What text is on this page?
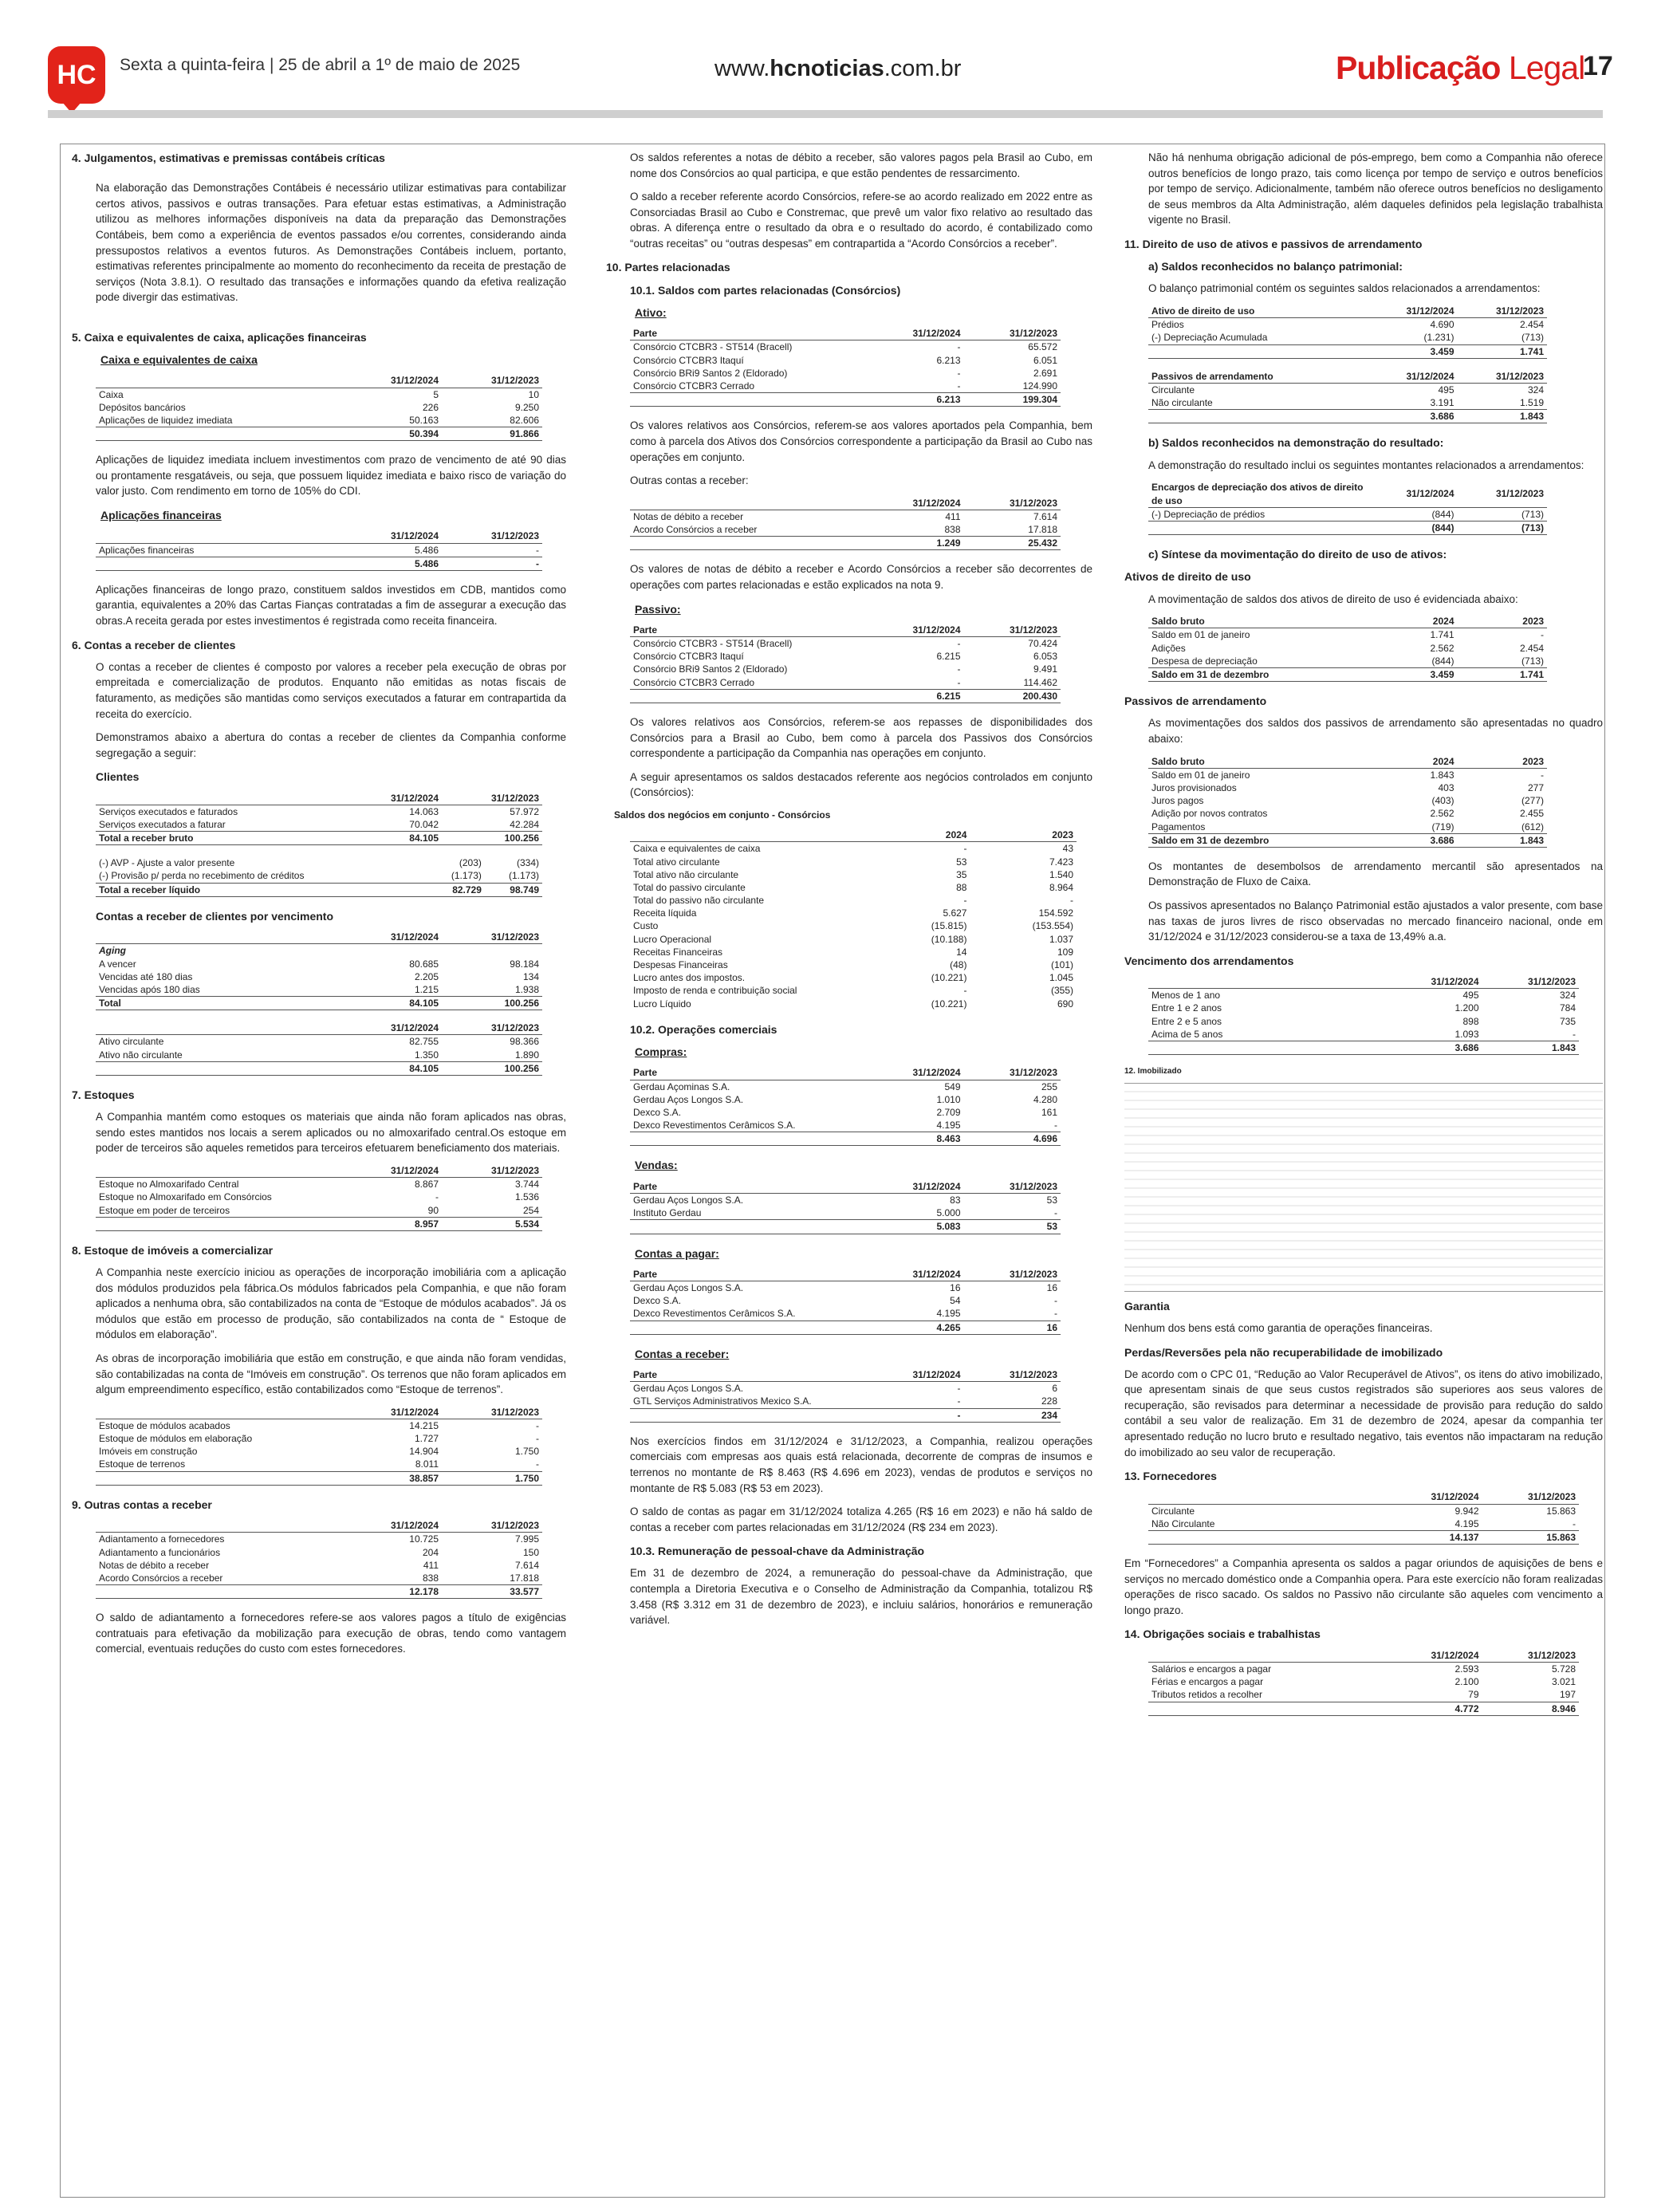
HC	Sexta a quinta-feira | 25 de abril a 1º de maio de 2025	www.hcnoticias.com.br	Publicação Legal
17
4. Julgamentos, estimativas e premissas contábeis críticas
Na elaboração das Demonstrações Contábeis é necessário utilizar estimativas para contabilizar certos ativos, passivos e outras transações. Para efetuar estas estimativas, a Administração utilizou as melhores informações disponíveis na data da preparação das Demonstrações Contábeis, bem como a experiência de eventos passados e/ou correntes, considerando ainda pressupostos relativos a eventos futuros. As Demonstrações Contábeis incluem, portanto, estimativas referentes principalmente ao momento do reconhecimento da receita de prestação de serviços (Nota 3.8.1). O resultado das transações e informações quando da efetiva realização pode divergir das estimativas.
5. Caixa e equivalentes de caixa, aplicações financeiras
Caixa e equivalentes de caixa
	31/12/2024	31/12/2023
Caixa	5	10
Depósitos bancários	226	9.250
Aplicações de liquidez imediata	50.163	82.606
	50.394	91.866
Aplicações de liquidez imediata incluem investimentos com prazo de vencimento de até 90 dias ou prontamente resgatáveis, ou seja, que possuem liquidez imediata e baixo risco de variação do valor justo. Com rendimento em torno de 105% do CDI.
Aplicações financeiras
	31/12/2024	31/12/2023
Aplicações financeiras	5.486	-
	5.486	-
Aplicações financeiras de longo prazo, constituem saldos investidos em CDB, mantidos como garantia, equivalentes a 20% das Cartas Fianças contratadas a fim de assegurar a execução das obras.A receita gerada por estes investimentos é registrada como receita financeira.
6. Contas a receber de clientes
O contas a receber de clientes é composto por valores a receber pela execução de obras por empreitada e comercialização de produtos. Enquanto não emitidas as notas fiscais de faturamento, as medições são mantidas como serviços executados a faturar em contrapartida da receita do exercício.
Demonstramos abaixo a abertura do contas a receber de clientes da Companhia conforme segregação a seguir:
Clientes
	31/12/2024	31/12/2023
Serviços executados e faturados	14.063	57.972
Serviços executados a faturar	70.042	42.284
Total a receber bruto	84.105	100.256
(-) AVP - Ajuste a valor presente	(203)	(334)
(-) Provisão p/ perda no recebimento de créditos	(1.173)	(1.173)
Total a receber líquido	82.729	98.749
Contas a receber de clientes por vencimento
	31/12/2024	31/12/2023
Aging		
A vencer	80.685	98.184
Vencidas até 180 dias	2.205	134
Vencidas após 180 dias	1.215	1.938
Total	84.105	100.256
	31/12/2024	31/12/2023
Ativo circulante	82.755	98.366
Ativo não circulante	1.350	1.890
	84.105	100.256
7. Estoques
A Companhia mantém como estoques os materiais que ainda não foram aplicados nas obras, sendo estes mantidos nos locais a serem aplicados ou no almoxarifado central.Os estoque em poder de terceiros são aqueles remetidos para terceiros efetuarem beneficiamento dos materiais.
	31/12/2024	31/12/2023
Estoque no Almoxarifado Central	8.867	3.744
Estoque no Almoxarifado em Consórcios	-	1.536
Estoque em poder de terceiros	90	254
	8.957	5.534
8. Estoque de imóveis a comercializar
A Companhia neste exercício iniciou as operações de incorporação imobiliária com a aplicação dos módulos produzidos pela fábrica.Os módulos fabricados pela Companhia, e que não foram aplicados a nenhuma obra, são contabilizados na conta de “Estoque de módulos acabados”. Já os módulos que estão em processo de produção, são contabilizados na conta de “ Estoque de módulos em elaboração”.
As obras de incorporação imobiliária que estão em construção, e que ainda não foram vendidas, são contabilizadas na conta de “Imóveis em construção”. Os terrenos que não foram aplicados em algum empreendimento específico, estão contabilizados como “Estoque de terrenos”.
	31/12/2024	31/12/2023
Estoque de módulos acabados	14.215	-
Estoque de módulos em elaboração	1.727	-
Imóveis em construção	14.904	1.750
Estoque de terrenos	8.011	-
	38.857	1.750
9. Outras contas a receber
	31/12/2024	31/12/2023
Adiantamento a fornecedores	10.725	7.995
Adiantamento a funcionários	204	150
Notas de débito a receber	411	7.614
Acordo Consórcios a receber	838	17.818
	12.178	33.577
O saldo de adiantamento a fornecedores refere-se aos valores pagos a título de exigências contratuais para efetivação da mobilização para execução de obras, tendo como vantagem comercial, eventuais reduções do custo com estes fornecedores.
Os saldos referentes a notas de débito a receber, são valores pagos pela Brasil ao Cubo, em nome dos Consórcios ao qual participa, e que estão pendentes de ressarcimento.
O saldo a receber referente acordo Consórcios, refere-se ao acordo realizado em 2022 entre as Consorciadas Brasil ao Cubo e Constremac, que prevê um valor fixo relativo ao resultado das obras. A diferença entre o resultado da obra e o resultado do acordo, é contabilizado como “outras receitas” ou “outras despesas” em contrapartida a “Acordo Consórcios a receber”.
10. Partes relacionadas
10.1. Saldos com partes relacionadas (Consórcios)
Ativo:
Parte	31/12/2024	31/12/2023
Consórcio CTCBR3 - ST514 (Bracell)	-	65.572
Consórcio CTCBR3 Itaquí	6.213	6.051
Consórcio BRi9 Santos 2 (Eldorado)	-	2.691
Consórcio CTCBR3 Cerrado	-	124.990
	6.213	199.304
Os valores relativos aos Consórcios, referem-se aos valores aportados pela Companhia, bem como à parcela dos Ativos dos Consórcios correspondente a participação da Brasil ao Cubo nas operações em conjunto.
Outras contas a receber:
	31/12/2024	31/12/2023
Notas de débito a receber	411	7.614
Acordo Consórcios a receber	838	17.818
	1.249	25.432
Os valores de notas de débito a receber e Acordo Consórcios a receber são decorrentes de operações com partes relacionadas e estão explicados na nota 9.
Passivo:
Parte	31/12/2024	31/12/2023
Consórcio CTCBR3 - ST514 (Bracell)	-	70.424
Consórcio CTCBR3 Itaquí	6.215	6.053
Consórcio BRi9 Santos 2 (Eldorado)	-	9.491
Consórcio CTCBR3 Cerrado	-	114.462
	6.215	200.430
Os valores relativos aos Consórcios, referem-se aos repasses de disponibilidades dos Consórcios para a Brasil ao Cubo, bem como à parcela dos Passivos dos Consórcios correspondente a participação da Companhia nas operações em conjunto.
A seguir apresentamos os saldos destacados referente aos negócios controlados em conjunto (Consórcios):
Saldos dos negócios em conjunto - Consórcios
	2024	2023
Caixa e equivalentes de caixa	-	43
Total ativo circulante	53	7.423
Total ativo não circulante	35	1.540
Total do passivo circulante	88	8.964
Total do passivo não circulante	-	-
Receita líquida	5.627	154.592
Custo	(15.815)	(153.554)
Lucro Operacional	(10.188)	1.037
Receitas Financeiras	14	109
Despesas Financeiras	(48)	(101)
Lucro antes dos impostos.	(10.221)	1.045
Imposto de renda e contribuição social	-	(355)
Lucro Líquido	(10.221)	690
10.2. Operações comerciais
Compras:
Parte	31/12/2024	31/12/2023
Gerdau Açominas S.A.	549	255
Gerdau Aços Longos S.A.	1.010	4.280
Dexco S.A.	2.709	161
Dexco Revestimentos Cerâmicos S.A.	4.195	-
	8.463	4.696
Vendas:
Parte	31/12/2024	31/12/2023
Gerdau Aços Longos S.A.	83	53
Instituto Gerdau	5.000	-
	5.083	53
Contas a pagar:
Parte	31/12/2024	31/12/2023
Gerdau Aços Longos S.A.	16	16
Dexco S.A.	54	-
Dexco Revestimentos Cerâmicos S.A.	4.195	-
	4.265	16
Contas a receber:
Parte	31/12/2024	31/12/2023
Gerdau Aços Longos S.A.	-	6
GTL Serviços Administrativos Mexico S.A.	-	228
	-	234
Nos exercícios findos em 31/12/2024 e 31/12/2023, a Companhia, realizou operações comerciais com empresas aos quais está relacionada, decorrente de compras de insumos e terrenos no montante de R$ 8.463 (R$ 4.696 em 2023), vendas de produtos e serviços no montante de R$ 5.083 (R$ 53 em 2023).
O saldo de contas as pagar em 31/12/2024 totaliza 4.265 (R$ 16 em 2023) e não há saldo de contas a receber com partes relacionadas em 31/12/2024 (R$ 234 em 2023).
10.3. Remuneração de pessoal-chave da Administração
Em 31 de dezembro de 2024, a remuneração do pessoal-chave da Administração, que contempla a Diretoria Executiva e o Conselho de Administração da Companhia, totalizou R$ 3.458 (R$ 3.312 em 31 de dezembro de 2023), e incluiu salários, honorários e remuneração variável.
Não há nenhuma obrigação adicional de pós-emprego, bem como a Companhia não oferece outros benefícios de longo prazo, tais como licença por tempo de serviço e outros benefícios por tempo de serviço. Adicionalmente, também não oferece outros benefícios no desligamento de seus membros da Alta Administração, além daqueles definidos pela legislação trabalhista vigente no Brasil.
11. Direito de uso de ativos e passivos de arrendamento
a) Saldos reconhecidos no balanço patrimonial:
O balanço patrimonial contém os seguintes saldos relacionados a arrendamentos:
Ativo de direito de uso	31/12/2024	31/12/2023
Prédios	4.690	2.454
(-) Depreciação Acumulada	(1.231)	(713)
	3.459	1.741
Passivos de arrendamento	31/12/2024	31/12/2023
Circulante	495	324
Não circulante	3.191	1.519
	3.686	1.843
b) Saldos reconhecidos na demonstração do resultado:
A demonstração do resultado inclui os seguintes montantes relacionados a arrendamentos:
Encargos de depreciação dos ativos de direito de uso	31/12/2024	31/12/2023
(-) Depreciação de prédios	(844)	(713)
	(844)	(713)
c) Síntese da movimentação do direito de uso de ativos:
Ativos de direito de uso
A movimentação de saldos dos ativos de direito de uso é evidenciada abaixo:
Saldo bruto	2024	2023
Saldo em 01 de janeiro	1.741	-
Adições	2.562	2.454
Despesa de depreciação	(844)	(713)
Saldo em 31 de dezembro	3.459	1.741
Passivos de arrendamento
As movimentações dos saldos dos passivos de arrendamento são apresentadas no quadro abaixo:
Saldo bruto	2024	2023
Saldo em 01 de janeiro	1.843	-
Juros provisionados	403	277
Juros pagos	(403)	(277)
Adição por novos contratos	2.562	2.455
Pagamentos	(719)	(612)
Saldo em 31 de dezembro	3.686	1.843
Os montantes de desembolsos de arrendamento mercantil são apresentados na Demonstração de Fluxo de Caixa.
Os passivos apresentados no Balanço Patrimonial estão ajustados a valor presente, com base nas taxas de juros livres de risco observadas no mercado financeiro nacional, onde em 31/12/2024 e 31/12/2023 considerou-se a taxa de 13,49% a.a.
Vencimento dos arrendamentos
	31/12/2024	31/12/2023
Menos de 1 ano	495	324
Entre 1 e 2 anos	1.200	784
Entre 2 e 5 anos	898	735
Acima de 5 anos	1.093	-
	3.686	1.843
12. Imobilizado
Garantia
Nenhum dos bens está como garantia de operações financeiras.
Perdas/Reversões pela não recuperabilidade de imobilizado
De acordo com o CPC 01, “Redução ao Valor Recuperável de Ativos”, os itens do ativo imobilizado, que apresentam sinais de que seus custos registrados são superiores aos seus valores de recuperação, são revisados para determinar a necessidade de provisão para redução do saldo contábil a seu valor de realização. Em 31 de dezembro de 2024, apesar da companhia ter apresentado redução no lucro bruto e resultado negativo, tais eventos não impactaram na redução do imobilizado ao seu valor de recuperação.
13. Fornecedores
	31/12/2024	31/12/2023
Circulante	9.942	15.863
Não Circulante	4.195	-
	14.137	15.863
Em “Fornecedores” a Companhia apresenta os saldos a pagar oriundos de aquisições de bens e serviços no mercado doméstico onde a Companhia opera. Para este exercício não foram realizadas operações de risco sacado. Os saldos no Passivo não circulante são aqueles com vencimento a longo prazo.
14. Obrigações sociais e trabalhistas
	31/12/2024	31/12/2023
Salários e encargos a pagar	2.593	5.728
Férias e encargos a pagar	2.100	3.021
Tributos retidos a recolher	79	197
	4.772	8.946
